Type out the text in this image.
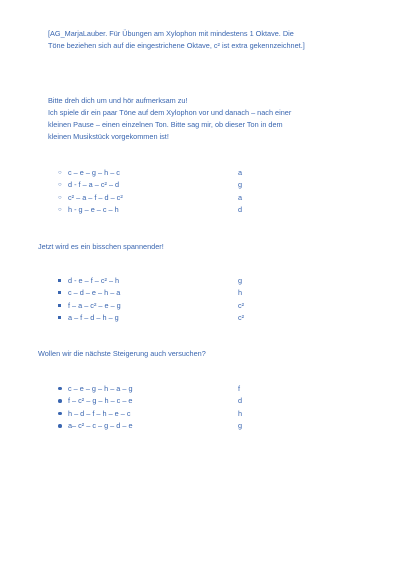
[AG_MarjaLauber. Für Übungen am Xylophon mit mindestens 1 Oktave. Die
Töne beziehen sich auf die eingestrichene Oktave, c² ist extra gekennzeichnet.]
Bitte dreh dich um und hör aufmerksam zu!
Ich spiele dir ein paar Töne auf dem Xylophon vor und danach – nach einer
kleinen Pause – einen einzelnen Ton. Bitte sag mir, ob dieser Ton in dem
kleinen Musikstück vorgekommen ist!
○ c – e – g – h – c	a
○ d - f – a – c² – d	g
○ c² – a – f – d – c²	a
○ h - g – e – c – h	d
Jetzt wird es ein bisschen spannender!
d - e – f – c² – h	g
c – d – e – h – a	h
f – a – c² – e – g	c²
a – f – d – h – g	c²
Wollen wir die nächste Steigerung auch versuchen?
c – e – g – h – a – g	f
f – c² – g – h – c – e	d
h – d – f – h – e – c	h
a– c² – c – g – d – e	g
